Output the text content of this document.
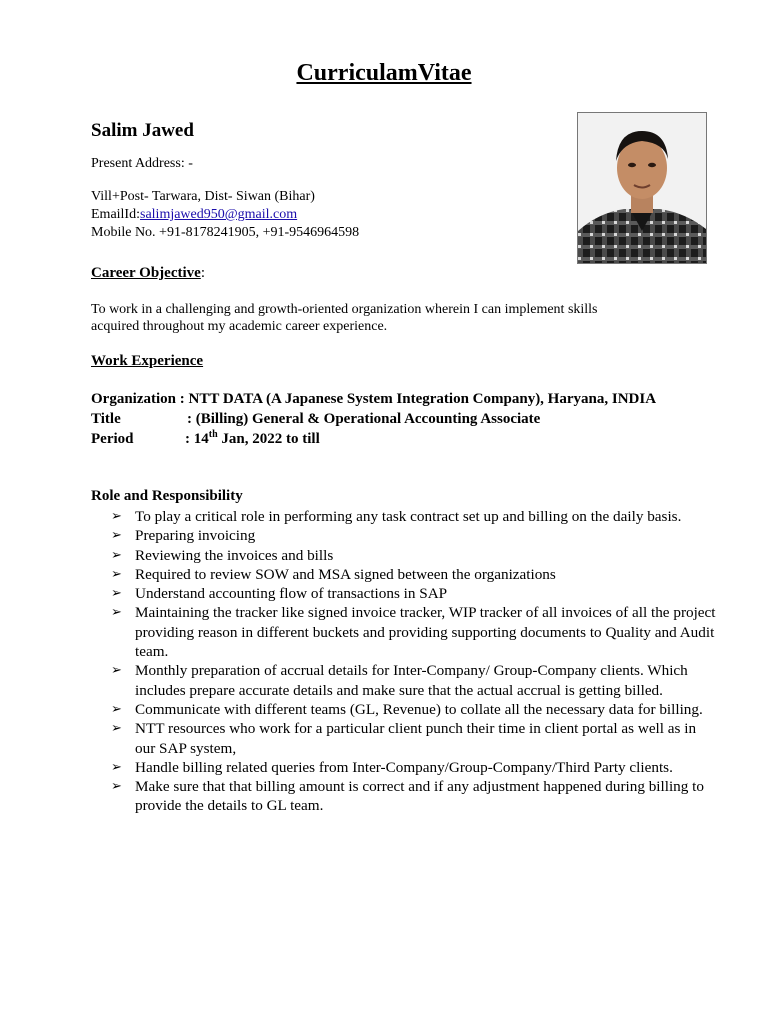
CurriculamVitae
Salim Jawed
Present Address: -
Vill+Post- Tarwara, Dist- Siwan (Bihar)
EmailId:salimjawed950@gmail.com
Mobile No. +91-8178241905, +91-9546964598
Career Objective:
To work in a challenging and growth-oriented organization wherein I can implement skills
acquired throughout my academic career experience.
Work Experience
Organization : NTT DATA (A Japanese System Integration Company), Haryana, INDIA
Title	: (Billing) General & Operational Accounting Associate
Period	: 14th Jan, 2022 to till
Role and Responsibility
➢ To play a critical role in performing any task contract set up and billing on the daily basis.
➢ Preparing invoicing
➢ Reviewing the invoices and bills
➢ Required to review SOW and MSA signed between the organizations
➢ Understand accounting flow of transactions in SAP
➢ Maintaining the tracker like signed invoice tracker, WIP tracker of all invoices of all the project providing reason in different buckets and providing supporting documents to Quality and Audit team.
➢ Monthly preparation of accrual details for Inter-Company/ Group-Company clients. Which includes prepare accurate details and make sure that the actual accrual is getting billed.
➢ Communicate with different teams (GL, Revenue) to collate all the necessary data for billing.
➢ NTT resources who work for a particular client punch their time in client portal as well as in our SAP system,
➢ Handle billing related queries from Inter-Company/Group-Company/Third Party clients.
➢ Make sure that that billing amount is correct and if any adjustment happened during billing to provide the details to GL team.
